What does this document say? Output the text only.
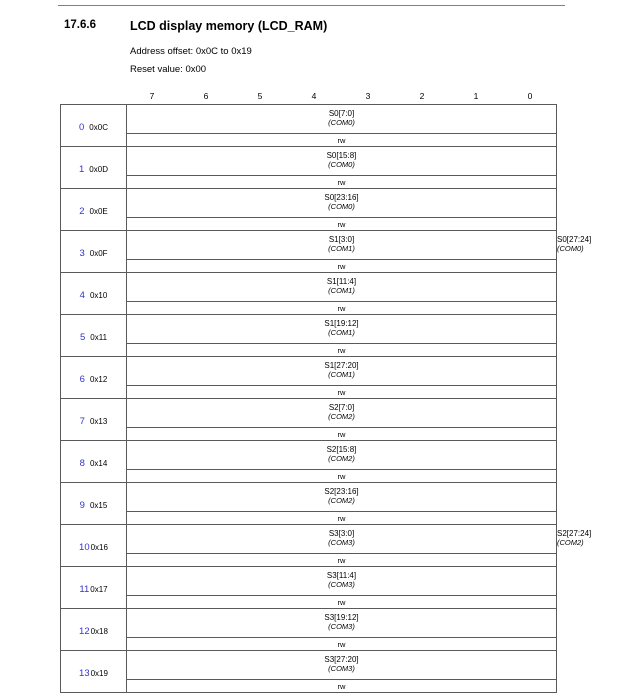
17.6.6	LCD display memory (LCD_RAM)
Address offset: 0x0C to 0x19
Reset value: 0x00
7	6	5	4	3	2	1	0
0 0x0C	S0[7:0]
(COM0)	

	rw	
1 0x0D	S0[15:8]
(COM0)	

	rw	
2 0x0E	S0[23:16]
(COM0)	

	rw	
3 0x0F	S1[3:0]
(COM1)	S0[27:24]
(COM0)

	rw	
4 0x10	S1[11:4]
(COM1)	

	rw	
5 0x11	S1[19:12]
(COM1)	

	rw	
6 0x12	S1[27:20]
(COM1)	

	rw	
7 0x13	S2[7:0]
(COM2)	

	rw	
8 0x14	S2[15:8]
(COM2)	

	rw	
9 0x15	S2[23:16]
(COM2)	

	rw	
100x16	S3[3:0]
(COM3)	S2[27:24]
(COM2)

	rw	
110x17	S3[11:4]
(COM3)	

	rw	
120x18	S3[19:12]
(COM3)	

	rw	
130x19	S3[27:20]
(COM3)	

	rw	
